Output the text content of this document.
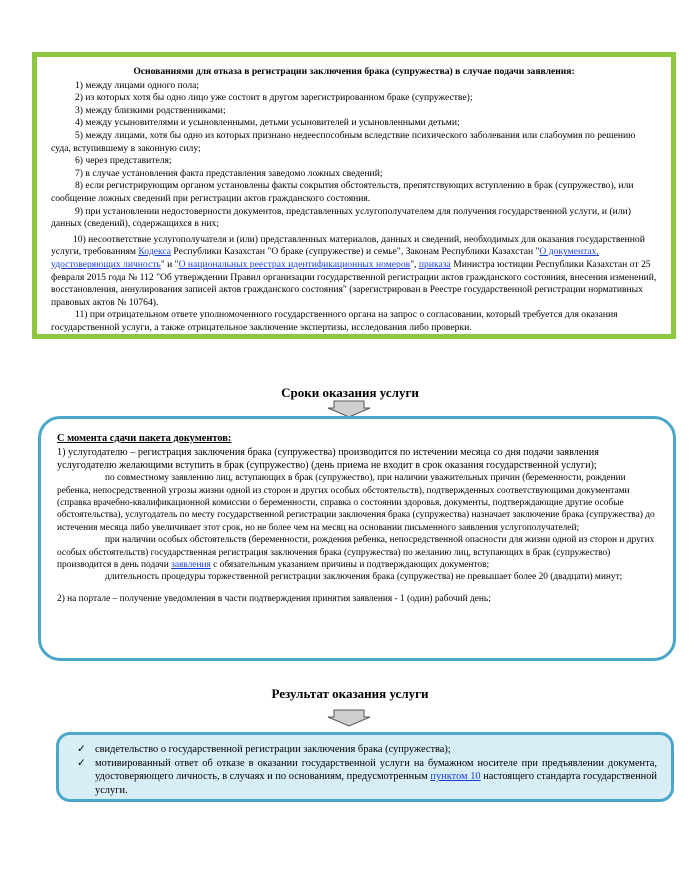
Основаниями для отказа в регистрации заключения брака (супружества) в случае подачи заявления:

1) между лицами одного пола;

2) из которых хотя бы одно лицо уже состоит в другом зарегистрированном браке (супружестве);

3) между близкими родственниками;

4) между усыновителями и усыновленными, детьми усыновителей и усыновленными детьми;

5) между лицами, хотя бы одно из которых признано недееспособным вследствие психического заболевания или слабоумия по решению суда, вступившему в законную силу;

6) через представителя;

7) в случае установления факта представления заведомо ложных сведений;

8) если регистрирующим органом установлены факты сокрытия обстоятельств, препятствующих вступлению в брак (супружество), или сообщение ложных сведений при регистрации актов гражданского состояния.

9) при установлении недостоверности документов, представленных услугополучателем для получения государственной услуги, и (или) данных (сведений), содержащихся в них;

10) несоответствие услугополучателя и (или) представленных материалов, данных и сведений, необходимых для оказания государственной услуги, требованиям Кодекса Республики Казахстан "О браке (супружестве) и семье", Законам Республики Казахстан "О документах, удостоверяющих личность" и "О национальных реестрах идентификационных номеров", приказа Министра юстиции Республики Казахстан от 25 февраля 2015 года № 112 "Об утверждении Правил организации государственной регистрации актов гражданского состояния, внесения изменений, восстановления, аннулирования записей актов гражданского состояния" (зарегистрирован в Реестре государственной регистрации нормативных правовых актов № 10764).

11) при отрицательном ответе уполномоченного государственного органа на запрос о согласовании, который требуется для оказания государственной услуги, а также отрицательное заключение экспертизы, исследования либо проверки.

Сроки оказания услуги

С момента сдачи пакета документов:

1) услугодателю – регистрация заключения брака (супружества) производится по истечении месяца со дня подачи заявления услугодателю желающими вступить в брак (супружество) (день приема не входит в срок оказания государственной услуги);

по совместному заявлению лиц, вступающих в брак (супружество), при наличии уважительных причин (беременности, рождении ребенка, непосредственной угрозы жизни одной из сторон и других особых обстоятельств), подтвержденных соответствующими документами (справка врачебно-квалификационной комиссии о беременности, справка о состоянии здоровья, документы, подтверждающие другие особые обстоятельства), услугодатель по месту государственной регистрации заключения брака (супружества) назначает заключение брака (супружества) до истечения месяца либо увеличивает этот срок, но не более чем на месяц на основании письменного заявления услугополучателей;

при наличии особых обстоятельств (беременности, рождения ребенка, непосредственной опасности для жизни одной из сторон и других особых обстоятельств) государственная регистрация заключения брака (супружества) по желанию лиц, вступающих в брак (супружество) производится в день подачи заявления с обязательным указанием причины и подтверждающих документов;

длительность процедуры торжественной регистрации заключения брака (супружества) не превышает более 20 (двадцати) минут;

2) на портале – получение уведомления в части подтверждения принятия заявления - 1 (один) рабочий день;

Результат оказания услуги
✓ свидетельство о государственной регистрации заключения брака (супружества);
✓ мотивированный ответ об отказе в оказании государственной услуги на бумажном носителе при предъявлении документа, удостоверяющего личность, в случаях и по основаниям, предусмотренным пунктом 10 настоящего стандарта государственной услуги.
